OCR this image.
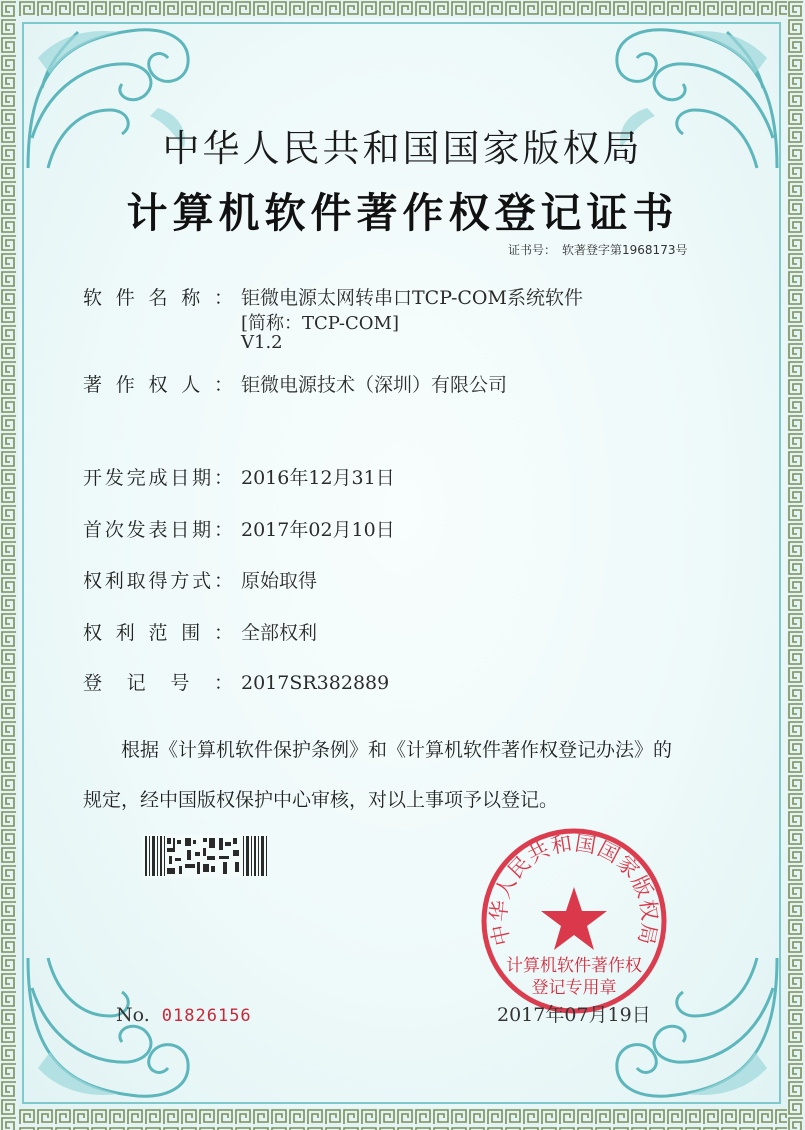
中华人民共和国国家版权局
计算机软件著作权登记证书
证书号： 软著登字第1968173号
软件名称： 钜微电源太网转串口TCP-COM系统软件
[简称：TCP-COM]
V1.2
著作权人： 钜微电源技术（深圳）有限公司
开发完成日期： 2016年12月31日
首次发表日期： 2017年02月10日
权利取得方式： 原始取得
权利范围： 全部权利
登记号： 2017SR382889
根据《计算机软件保护条例》和《计算机软件著作权登记办法》的
规定，经中国版权保护中心审核，对以上事项予以登记。
中华人民共和国国家版权局
计算机软件著作权
登记专用章
No. 01826156	2017年07月19日
